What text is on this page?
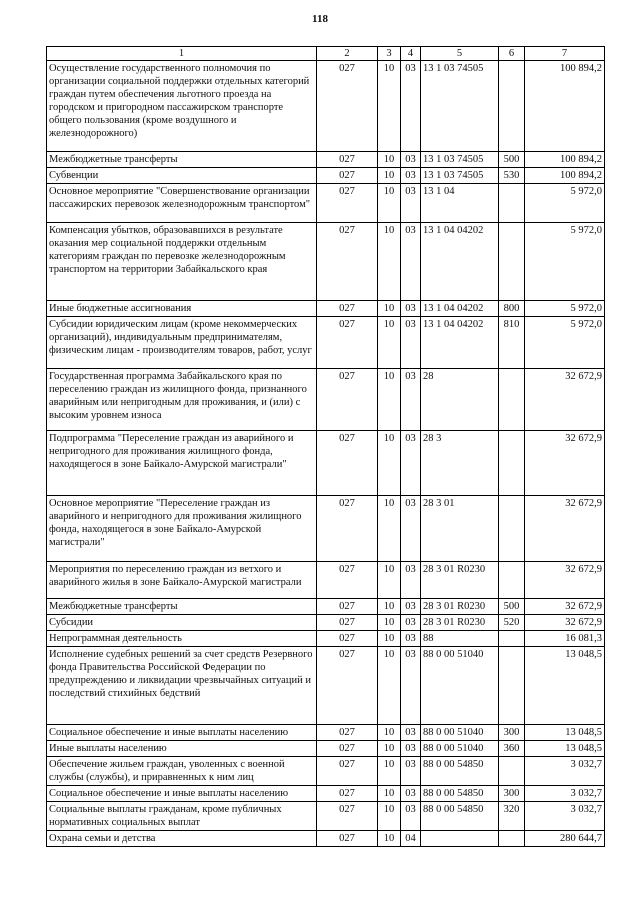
118
1	2	3	4	5	6	7
Осуществление государственного полномочия по организации социальной поддержки отдельных категорий граждан путем обеспечения льготного проезда на городском и пригородном пассажирском транспорте общего пользования (кроме воздушного и железнодорожного)	027	10	03	13 1 03 74505		100 894,2
Межбюджетные трансферты	027	10	03	13 1 03 74505	500	100 894,2
Субвенции	027	10	03	13 1 03 74505	530	100 894,2
Основное мероприятие "Совершенствование организации пассажирских перевозок железнодорожным транспортом"	027	10	03	13 1 04		5 972,0
Компенсация убытков, образовавшихся в результате оказания мер социальной поддержки отдельным категориям граждан по перевозке железнодорожным транспортом на территории Забайкальского края	027	10	03	13 1 04 04202		5 972,0
Иные бюджетные ассигнования	027	10	03	13 1 04 04202	800	5 972,0
Субсидии юридическим лицам (кроме некоммерческих организаций), индивидуальным предпринимателям, физическим лицам - производителям товаров, работ, услуг	027	10	03	13 1 04 04202	810	5 972,0
Государственная программа Забайкальского края по переселению граждан из жилищного фонда, признанного аварийным или непригодным для проживания, и (или) с высоким уровнем износа	027	10	03	28		32 672,9
Подпрограмма "Переселение граждан из аварийного и непригодного для проживания жилищного фонда, находящегося в зоне Байкало-Амурской магистрали"	027	10	03	28 3		32 672,9
Основное мероприятие "Переселение граждан из аварийного и непригодного для проживания жилищного фонда, находящегося в зоне Байкало-Амурской магистрали"	027	10	03	28 3 01		32 672,9
Мероприятия по переселению граждан из ветхого и аварийного жилья в зоне Байкало-Амурской магистрали	027	10	03	28 3 01 R0230		32 672,9
Межбюджетные трансферты	027	10	03	28 3 01 R0230	500	32 672,9
Субсидии	027	10	03	28 3 01 R0230	520	32 672,9
Непрограммная деятельность	027	10	03	88		16 081,3
Исполнение судебных решений за счет средств Резервного фонда Правительства Российской Федерации по предупреждению и ликвидации чрезвычайных ситуаций и последствий стихийных бедствий	027	10	03	88 0 00 51040		13 048,5
Социальное обеспечение и иные выплаты населению	027	10	03	88 0 00 51040	300	13 048,5
Иные выплаты населению	027	10	03	88 0 00 51040	360	13 048,5
Обеспечение жильем граждан, уволенных с военной службы (службы), и приравненных к ним лиц	027	10	03	88 0 00 54850		3 032,7
Социальное обеспечение и иные выплаты населению	027	10	03	88 0 00 54850	300	3 032,7
Социальные выплаты гражданам, кроме публичных нормативных социальных выплат	027	10	03	88 0 00 54850	320	3 032,7
Охрана семьи и детства	027	10	04			280 644,7
